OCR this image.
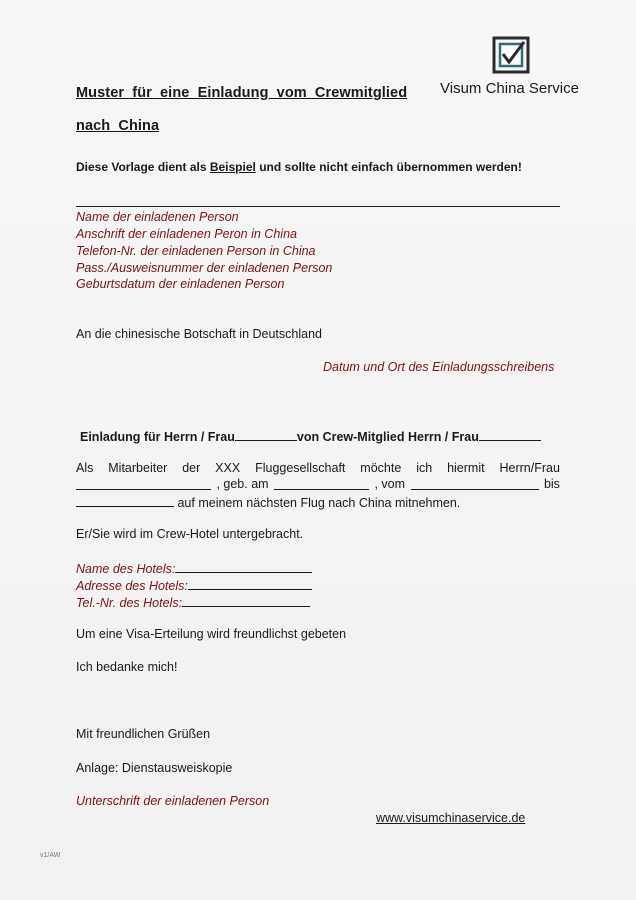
Visum China Service
Muster für eine Einladung vom Crewmitglied
nach China
Diese Vorlage dient als Beispiel und sollte nicht einfach übernommen werden!
Name der einladenen Person
Anschrift der einladenen Peron in China
Telefon-Nr. der einladenen Person in China
Pass./Ausweisnummer der einladenen Person
Geburtsdatum der einladenen Person
An die chinesische Botschaft in Deutschland
Datum und Ort des Einladungsschreibens
Einladung für Herrn / Frau	von Crew-Mitglied Herrn / Frau
Als Mitarbeiter der XXX Fluggesellschaft möchte ich hiermit Herrn/Frau
, geb. am	, vom	bis
auf meinem nächsten Flug nach China mitnehmen.
Er/Sie wird im Crew-Hotel untergebracht.
Name des Hotels:
Adresse des Hotels:
Tel.-Nr. des Hotels:
Um eine Visa-Erteilung wird freundlichst gebeten
Ich bedanke mich!
Mit freundlichen Grüßen
Anlage: Dienstausweiskopie
Unterschrift der einladenen Person
www.visumchinaservice.de
v1/AW
